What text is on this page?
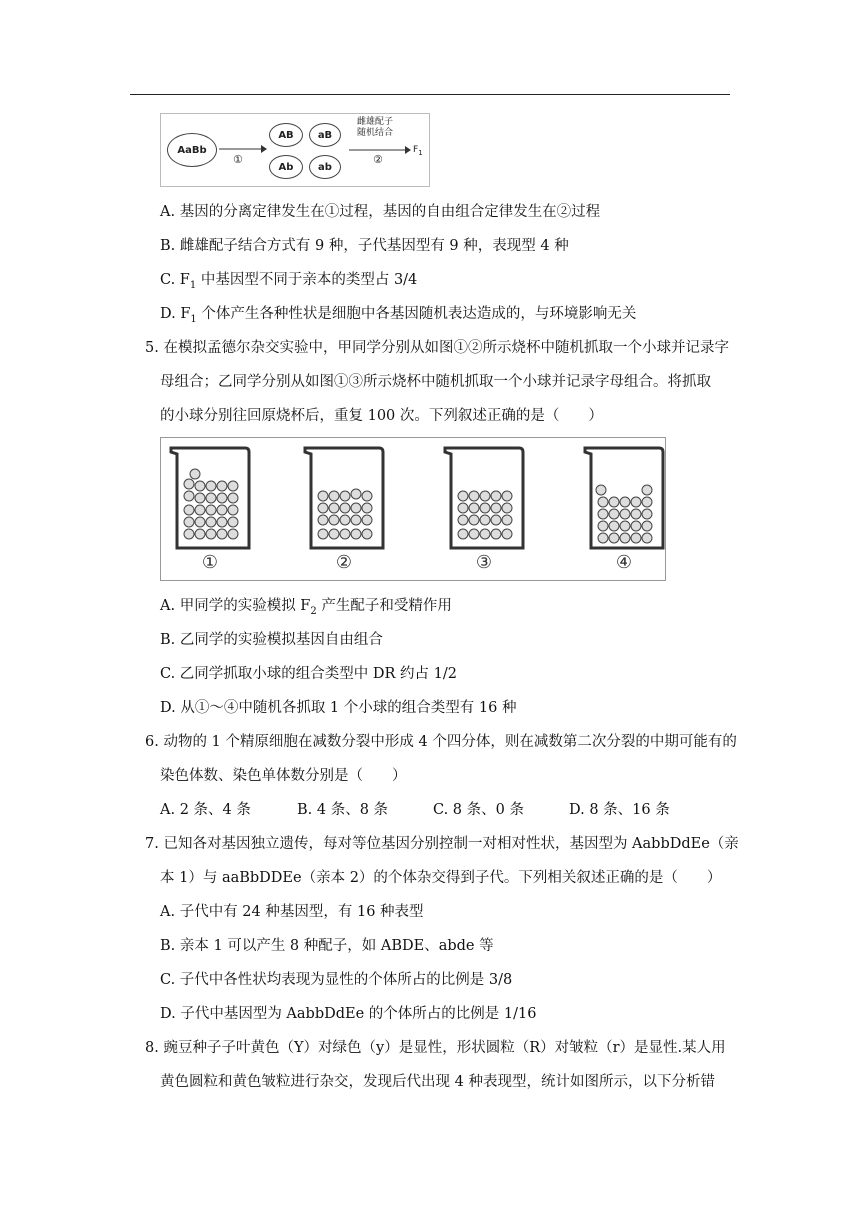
AaBb
①
AB	aB
Ab	ab
雌雄配子
随机结合
②
$F_1$
A. 基因的分离定律发生在①过程，基因的自由组合定律发生在②过程
B. 雌雄配子结合方式有 9 种，子代基因型有 9 种，表现型 4 种
C. $F_1$ 中基因型不同于亲本的类型占 3/4
D. $F_1$ 个体产生各种性状是细胞中各基因随机表达造成的，与环境影响无关
5. 在模拟孟德尔杂交实验中，甲同学分别从如图①②所示烧杯中随机抓取一个小球并记录字
母组合；乙同学分别从如图①③所示烧杯中随机抓取一个小球并记录字母组合。将抓取
的小球分别往回原烧杯后，重复 100 次。下列叙述正确的是（　　）
①	②	③	④
A. 甲同学的实验模拟 $F_2$ 产生配子和受精作用
B. 乙同学的实验模拟基因自由组合
C. 乙同学抓取小球的组合类型中 DR 约占 1/2
D. 从①～④中随机各抓取 1 个小球的组合类型有 16 种
6. 动物的 1 个精原细胞在减数分裂中形成 4 个四分体，则在减数第二次分裂的中期可能有的
染色体数、染色单体数分别是（　　）
A. 2 条、4 条	B. 4 条、8 条	C. 8 条、0 条	D. 8 条、16 条
7. 已知各对基因独立遗传，每对等位基因分别控制一对相对性状，基因型为 AabbDdEe（亲
本 1）与 aaBbDDEe（亲本 2）的个体杂交得到子代。下列相关叙述正确的是（　　）
A. 子代中有 24 种基因型，有 16 种表型
B. 亲本 1 可以产生 8 种配子，如 ABDE、abde 等
C. 子代中各性状均表现为显性的个体所占的比例是 3/8
D. 子代中基因型为 AabbDdEe 的个体所占的比例是 1/16
8. 豌豆种子子叶黄色（Y）对绿色（y）是显性，形状圆粒（R）对皱粒（r）是显性.某人用
黄色圆粒和黄色皱粒进行杂交，发现后代出现 4 种表现型，统计如图所示，以下分析错
